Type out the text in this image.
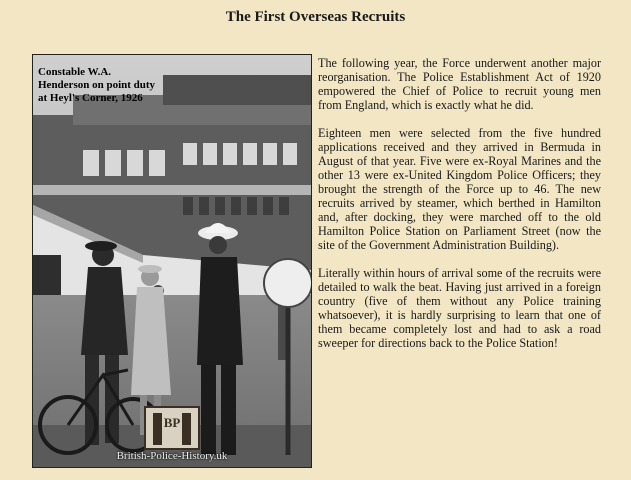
The First Overseas Recruits
BP
Constable W.A. Henderson on point duty at Heyl's Corner, 1926
British-Police-History.uk

The following year, the Force underwent another major reorganisation. The Police Establishment Act of 1920 empowered the Chief of Police to recruit young men from England, which is exactly what he did.

Eighteen men were selected from the five hundred applications received and they arrived in Bermuda in August of that year. Five were ex-Royal Marines and the other 13 were ex-United Kingdom Police Officers; they brought the strength of the Force up to 46. The new recruits arrived by steamer, which berthed in Hamilton and, after docking, they were marched off to the old Hamilton Police Station on Parliament Street (now the site of the Government Administration Building).

Literally within hours of arrival some of the recruits were detailed to walk the beat. Having just arrived in a foreign country (five of them without any Police training whatsoever), it is hardly surprising to learn that one of them became completely lost and had to ask a road sweeper for directions back to the Police Station!
